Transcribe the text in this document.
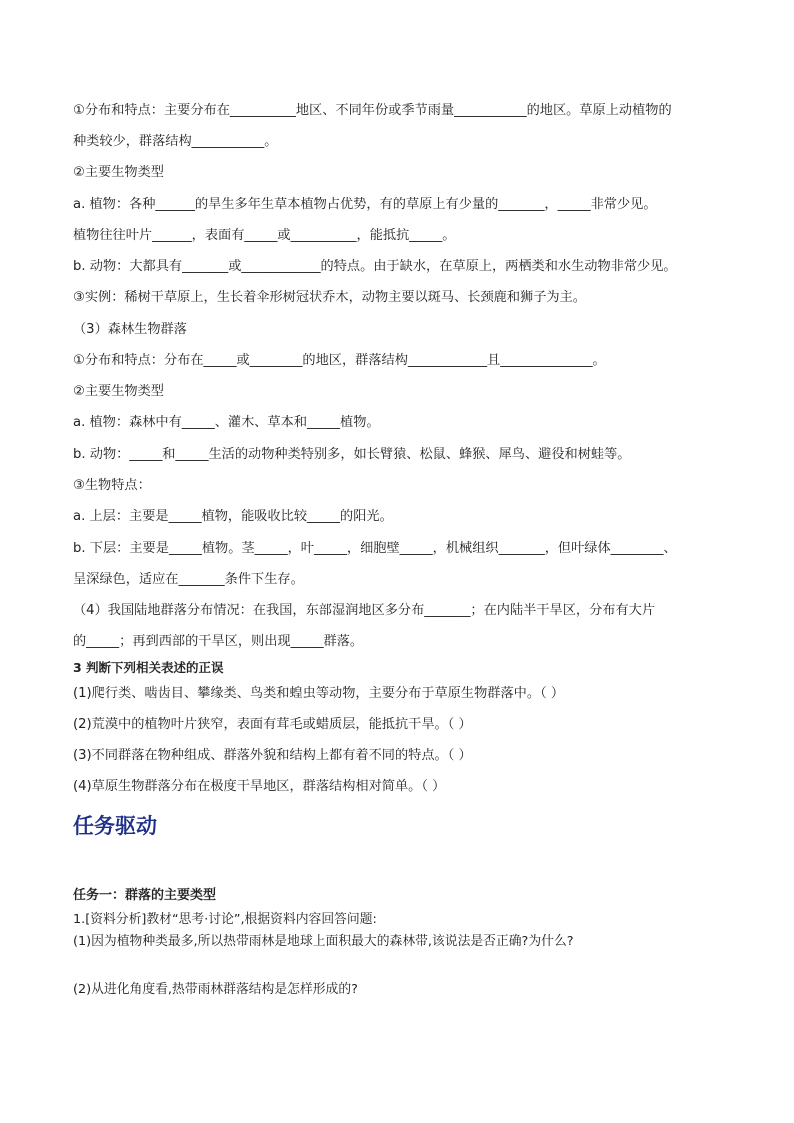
①分布和特点：主要分布在__________地区、不同年份或季节雨量___________的地区。草原上动植物的
种类较少，群落结构___________。
②主要生物类型
a. 植物：各种______的旱生多年生草本植物占优势，有的草原上有少量的_______，_____非常少见。
植物往往叶片______，表面有_____或__________，能抵抗_____。
b. 动物：大都具有_______或____________的特点。由于缺水，在草原上，两栖类和水生动物非常少见。
③实例：稀树干草原上，生长着伞形树冠状乔木，动物主要以斑马、长颈鹿和狮子为主。
（3）森林生物群落
①分布和特点：分布在_____或________的地区，群落结构____________且______________。
②主要生物类型
a. 植物：森林中有_____、灌木、草本和_____植物。
b. 动物：_____和_____生活的动物种类特别多，如长臂猿、松鼠、蜂猴、犀鸟、避役和树蛙等。
③生物特点：
a. 上层：主要是_____植物，能吸收比较_____的阳光。
b. 下层：主要是_____植物。茎_____，叶_____，细胞壁_____，机械组织_______，但叶绿体________、
呈深绿色，适应在_______条件下生存。
（4）我国陆地群落分布情况：在我国，东部湿润地区多分布_______；在内陆半干旱区，分布有大片
的_____；再到西部的干旱区，则出现_____群落。
3 判断下列相关表述的正误
(1)爬行类、啮齿目、攀缘类、鸟类和蝗虫等动物，主要分布于草原生物群落中。（ ）
(2)荒漠中的植物叶片狭窄，表面有茸毛或蜡质层，能抵抗干旱。（ ）
(3)不同群落在物种组成、群落外貌和结构上都有着不同的特点。（ ）
(4)草原生物群落分布在极度干旱地区，群落结构相对简单。（ ）
任务驱动
任务一：群落的主要类型
1.[资料分析]教材“思考·讨论”,根据资料内容回答问题:
(1)因为植物种类最多,所以热带雨林是地球上面积最大的森林带,该说法是否正确?为什么?
(2)从进化角度看,热带雨林群落结构是怎样形成的?
